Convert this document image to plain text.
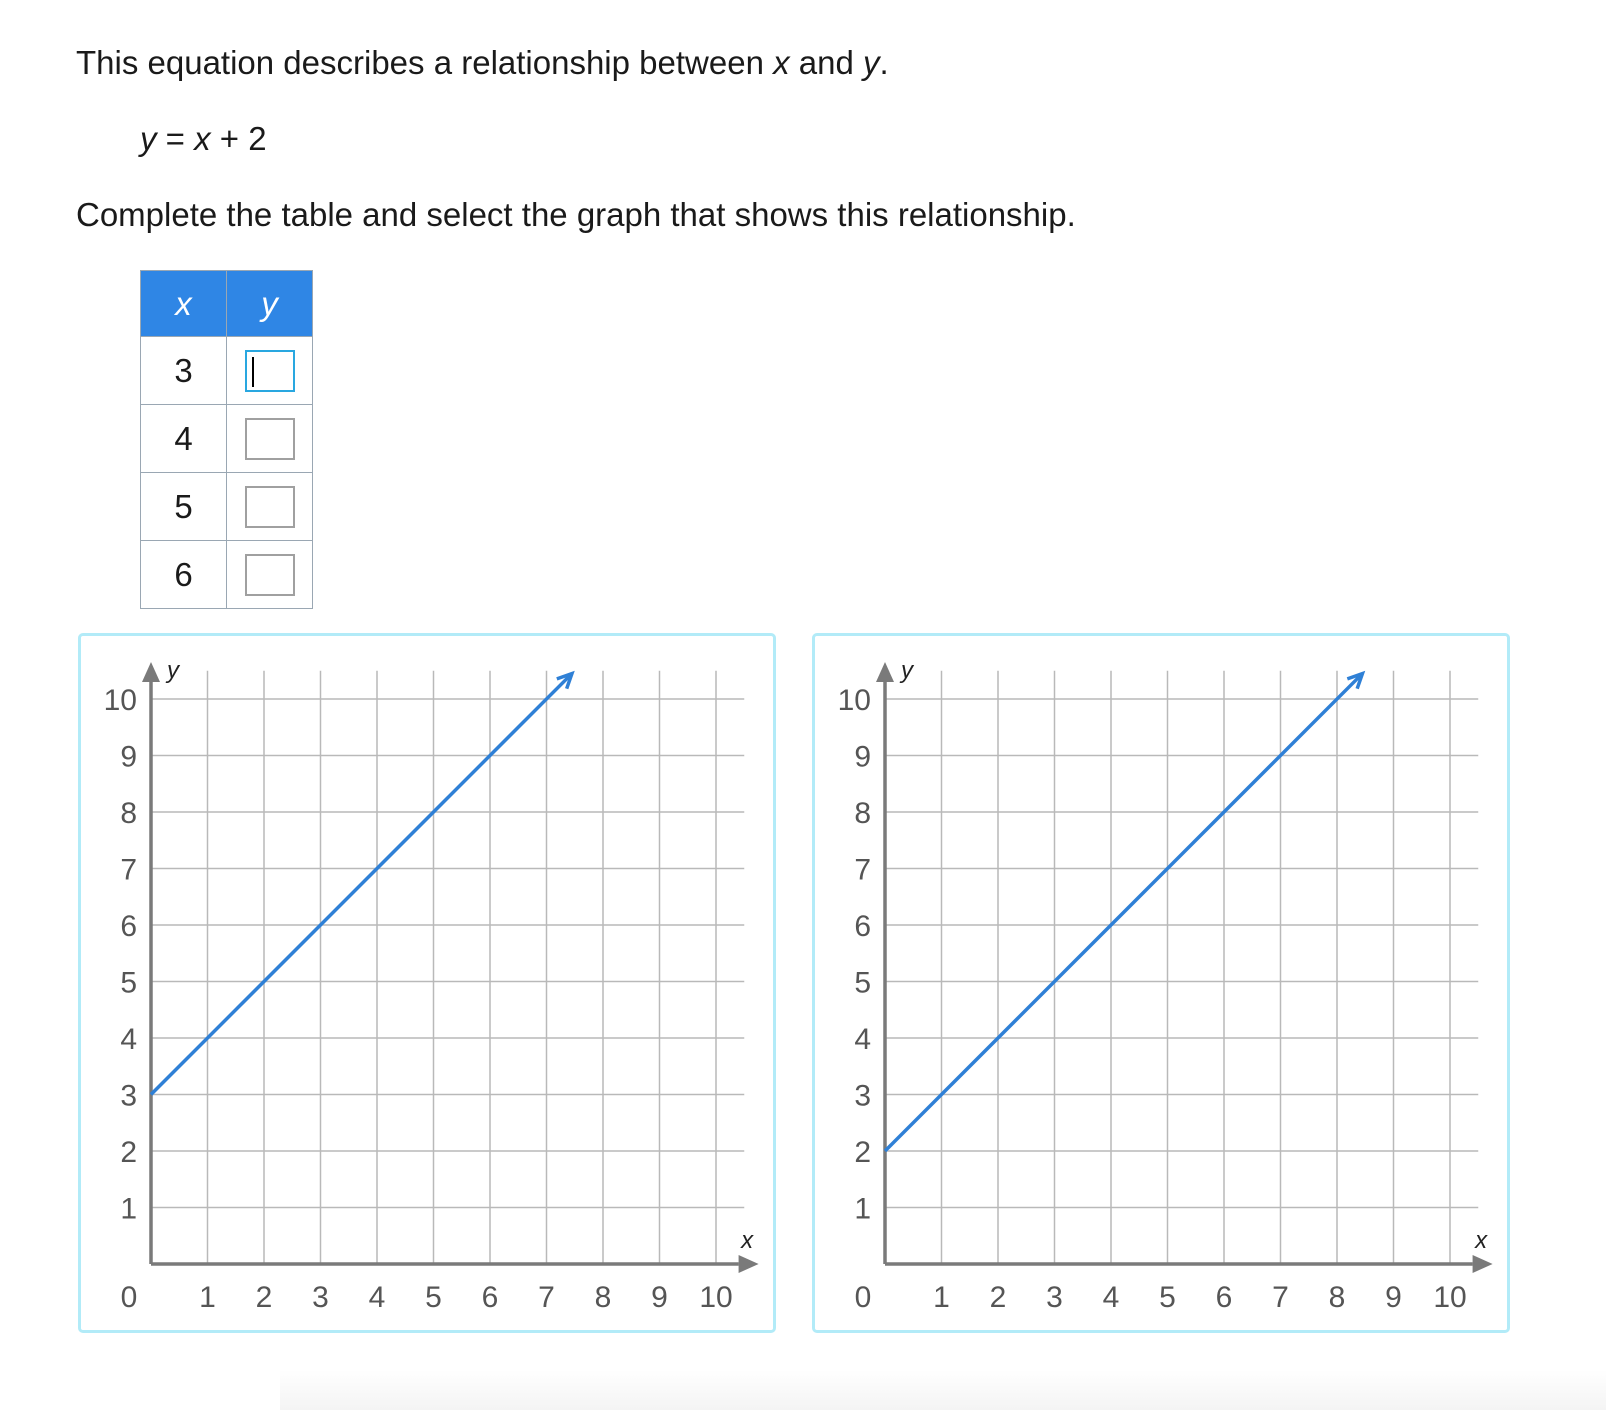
This equation describes a relationship between x and y.
y = x + 2
Complete the table and select the graph that shows this relationship.
x	y
3	

4	
5	
6	
0 1 2 3 4 5 6 7 8 9 10
1
2
3
4
5
6
7
8
9
10
x
y
0 1 2 3 4 5 6 7 8 9 10
1
2
3
4
5
6
7
8
9
10
x
y
